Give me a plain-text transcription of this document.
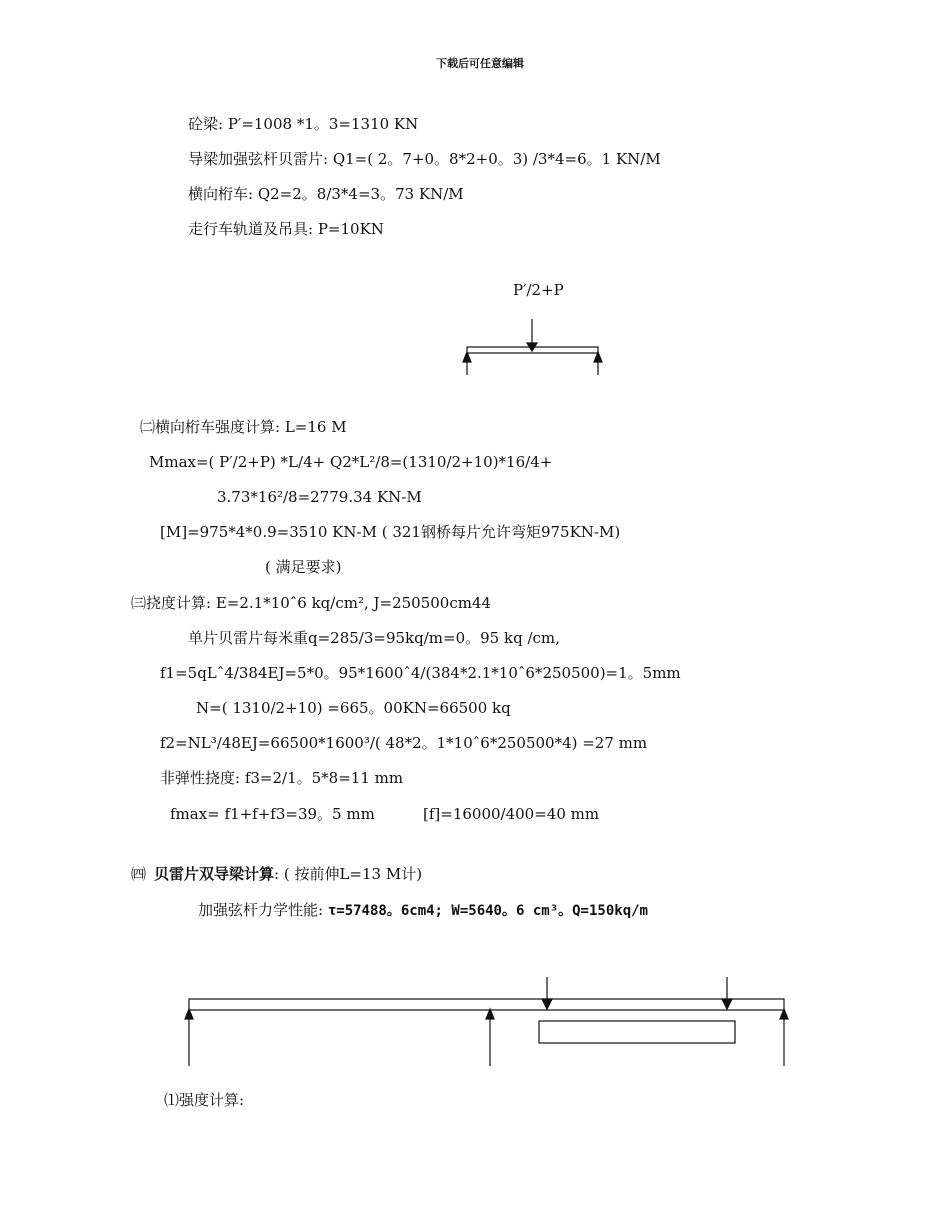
下载后可任意编辑
砼梁: P′=1008 *1。3=1310 KN
导梁加强弦杆贝雷片: Q1=( 2。7+0。8*2+0。3) /3*4=6。1 KN/M
横向桁车: Q2=2。8/3*4=3。73 KN/M
走行车轨道及吊具: P=10KN
P′/2+P
㈡横向桁车强度计算: L=16 M
Mmax=( P′/2+P) *L/4+ Q2*L²/8=(1310/2+10)*16/4+
3.73*16²/8=2779.34 KN-M
[M]=975*4*0.9=3510 KN-M ( 321钢桥每片允许弯矩975KN-M)
( 满足要求)
㈢挠度计算: E=2.1*10ˆ6 kq/cm², J=250500cm44
单片贝雷片每米重q=285/3=95kq/m=0。95 kq /cm,
f1=5qLˆ4/384EJ=5*0。95*1600ˆ4/(384*2.1*10ˆ6*250500)=1。5mm
N=( 1310/2+10) =665。00KN=66500 kq
f2=NL³/48EJ=66500*1600³/( 48*2。1*10ˆ6*250500*4) =27 mm
非弹性挠度: f3=2/1。5*8=11 mm
fmax= f1+f+f3=39。5 mm	[f]=16000/400=40 mm
㈣ 贝雷片双导梁计算: ( 按前伸L=13 M计)
加强弦杆力学性能: τ=57488。6cm4; W=5640。6 cm³。Q=150kq/m
⑴强度计算:
